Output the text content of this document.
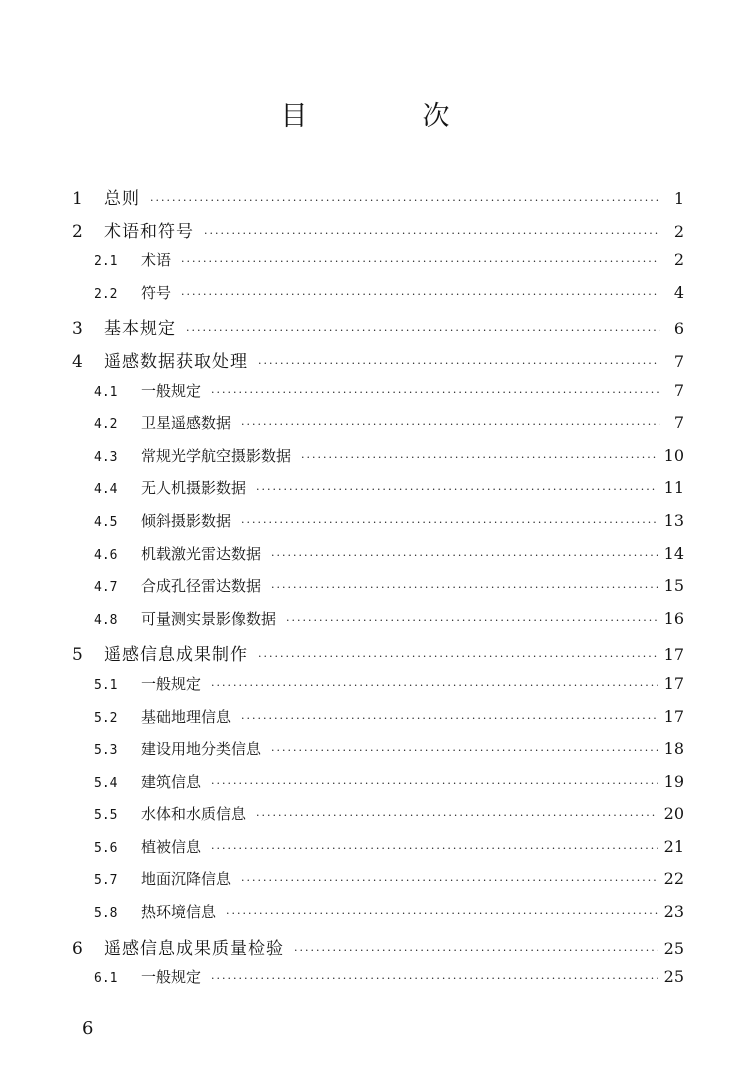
目　次
1	总则 ·····	1
2	术语和符号 ·····	2
2.1	术语 ·····	2
2.2	符号 ·····	4
3	基本规定 ·····	6
4	遥感数据获取处理 ·····	7
4.1	一般规定 ·····	7
4.2	卫星遥感数据 ·····	7
4.3	常规光学航空摄影数据 ·····	10
4.4	无人机摄影数据 ·····	11
4.5	倾斜摄影数据 ·····	13
4.6	机载激光雷达数据 ·····	14
4.7	合成孔径雷达数据 ·····	15
4.8	可量测实景影像数据 ·····	16
5	遥感信息成果制作 ·····	17
5.1	一般规定 ·····	17
5.2	基础地理信息 ·····	17
5.3	建设用地分类信息 ·····	18
5.4	建筑信息 ·····	19
5.5	水体和水质信息 ·····	20
5.6	植被信息 ·····	21
5.7	地面沉降信息 ·····	22
5.8	热环境信息 ·····	23
6	遥感信息成果质量检验 ·····	25
6.1	一般规定 ·····	25
6
